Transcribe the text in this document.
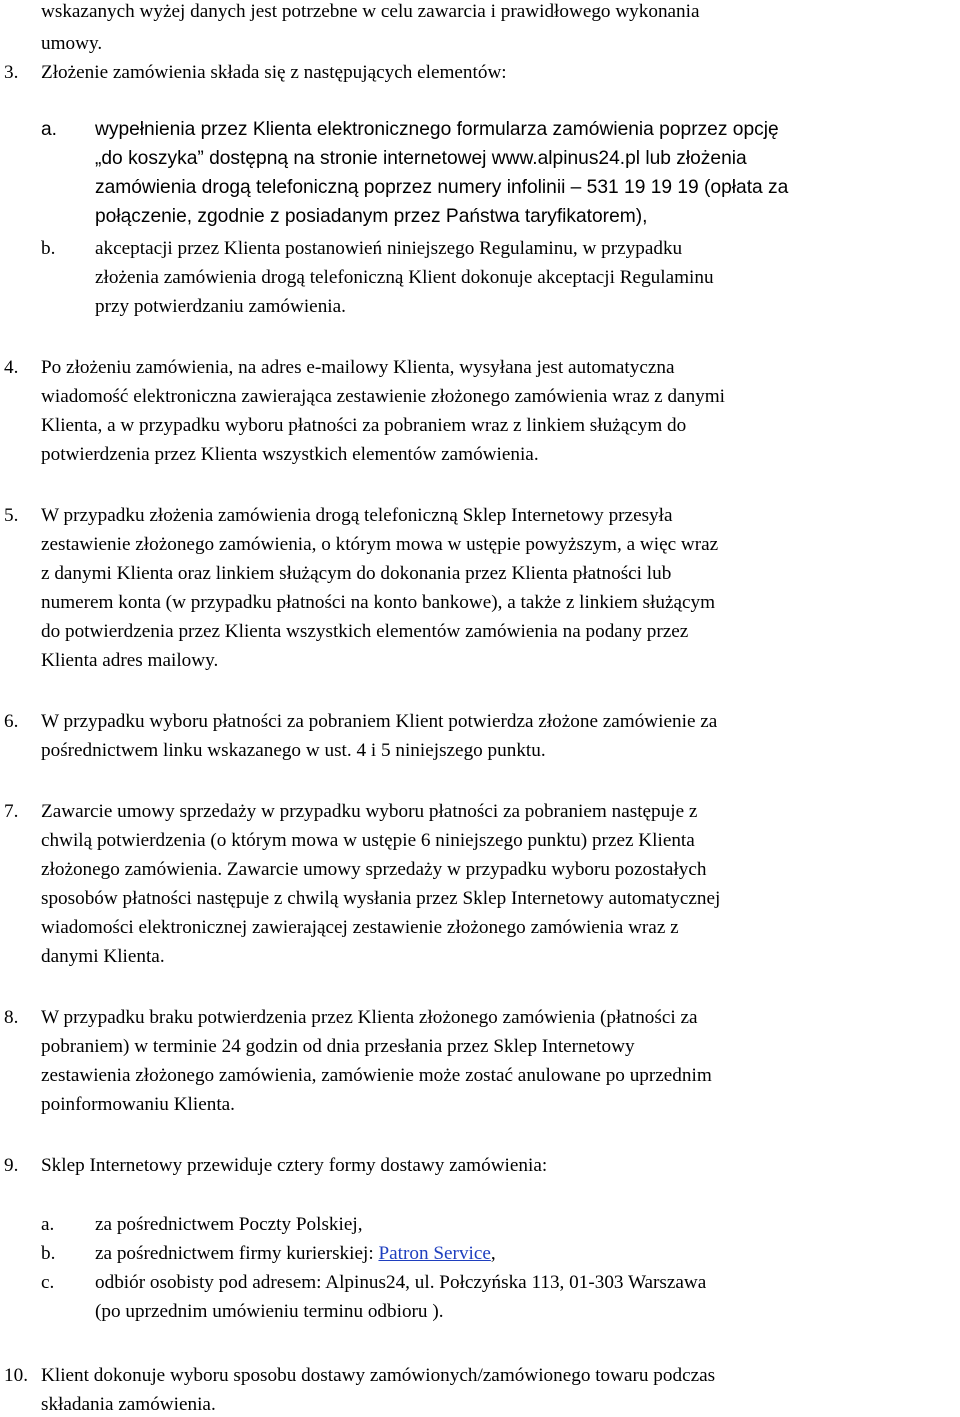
wskazanych wyżej danych jest potrzebne w celu zawarcia i prawidłowego wykonania
umowy.
3. Złożenie zamówienia składa się z następujących elementów:
a. wypełnienia przez Klienta elektronicznego formularza zamówienia poprzez opcję
„do koszyka” dostępną na stronie internetowej www.alpinus24.pl lub złożenia
zamówienia drogą telefoniczną poprzez numery infolinii – 531 19 19 19 (opłata za
połączenie, zgodnie z posiadanym przez Państwa taryfikatorem),
b. akceptacji przez Klienta postanowień niniejszego Regulaminu, w przypadku
złożenia zamówienia drogą telefoniczną Klient dokonuje akceptacji Regulaminu
przy potwierdzaniu zamówienia.
4. Po złożeniu zamówienia, na adres e-mailowy Klienta, wysyłana jest automatyczna
wiadomość elektroniczna zawierająca zestawienie złożonego zamówienia wraz z danymi
Klienta, a w przypadku wyboru płatności za pobraniem wraz z linkiem służącym do
potwierdzenia przez Klienta wszystkich elementów zamówienia.
5. W przypadku złożenia zamówienia drogą telefoniczną Sklep Internetowy przesyła
zestawienie złożonego zamówienia, o którym mowa w ustępie powyższym, a więc wraz
z danymi Klienta oraz linkiem służącym do dokonania przez Klienta płatności lub
numerem konta (w przypadku płatności na konto bankowe), a także z linkiem służącym
do potwierdzenia przez Klienta wszystkich elementów zamówienia na podany przez
Klienta adres mailowy.
6. W przypadku wyboru płatności za pobraniem Klient potwierdza złożone zamówienie za
pośrednictwem linku wskazanego w ust. 4 i 5 niniejszego punktu.
7. Zawarcie umowy sprzedaży w przypadku wyboru płatności za pobraniem następuje z
chwilą potwierdzenia (o którym mowa w ustępie 6 niniejszego punktu) przez Klienta
złożonego zamówienia. Zawarcie umowy sprzedaży w przypadku wyboru pozostałych
sposobów płatności następuje z chwilą wysłania przez Sklep Internetowy automatycznej
wiadomości elektronicznej zawierającej zestawienie złożonego zamówienia wraz z
danymi Klienta.
8. W przypadku braku potwierdzenia przez Klienta złożonego zamówienia (płatności za
pobraniem) w terminie 24 godzin od dnia przesłania przez Sklep Internetowy
zestawienia złożonego zamówienia, zamówienie może zostać anulowane po uprzednim
poinformowaniu Klienta.
9. Sklep Internetowy przewiduje cztery formy dostawy zamówienia:
a. za pośrednictwem Poczty Polskiej,
b. za pośrednictwem firmy kurierskiej: Patron Service,
c. odbiór osobisty pod adresem: Alpinus24, ul. Połczyńska 113, 01-303 Warszawa
(po uprzednim umówieniu terminu odbioru ).
10. Klient dokonuje wyboru sposobu dostawy zamówionych/zamówionego towaru podczas
składania zamówienia.
